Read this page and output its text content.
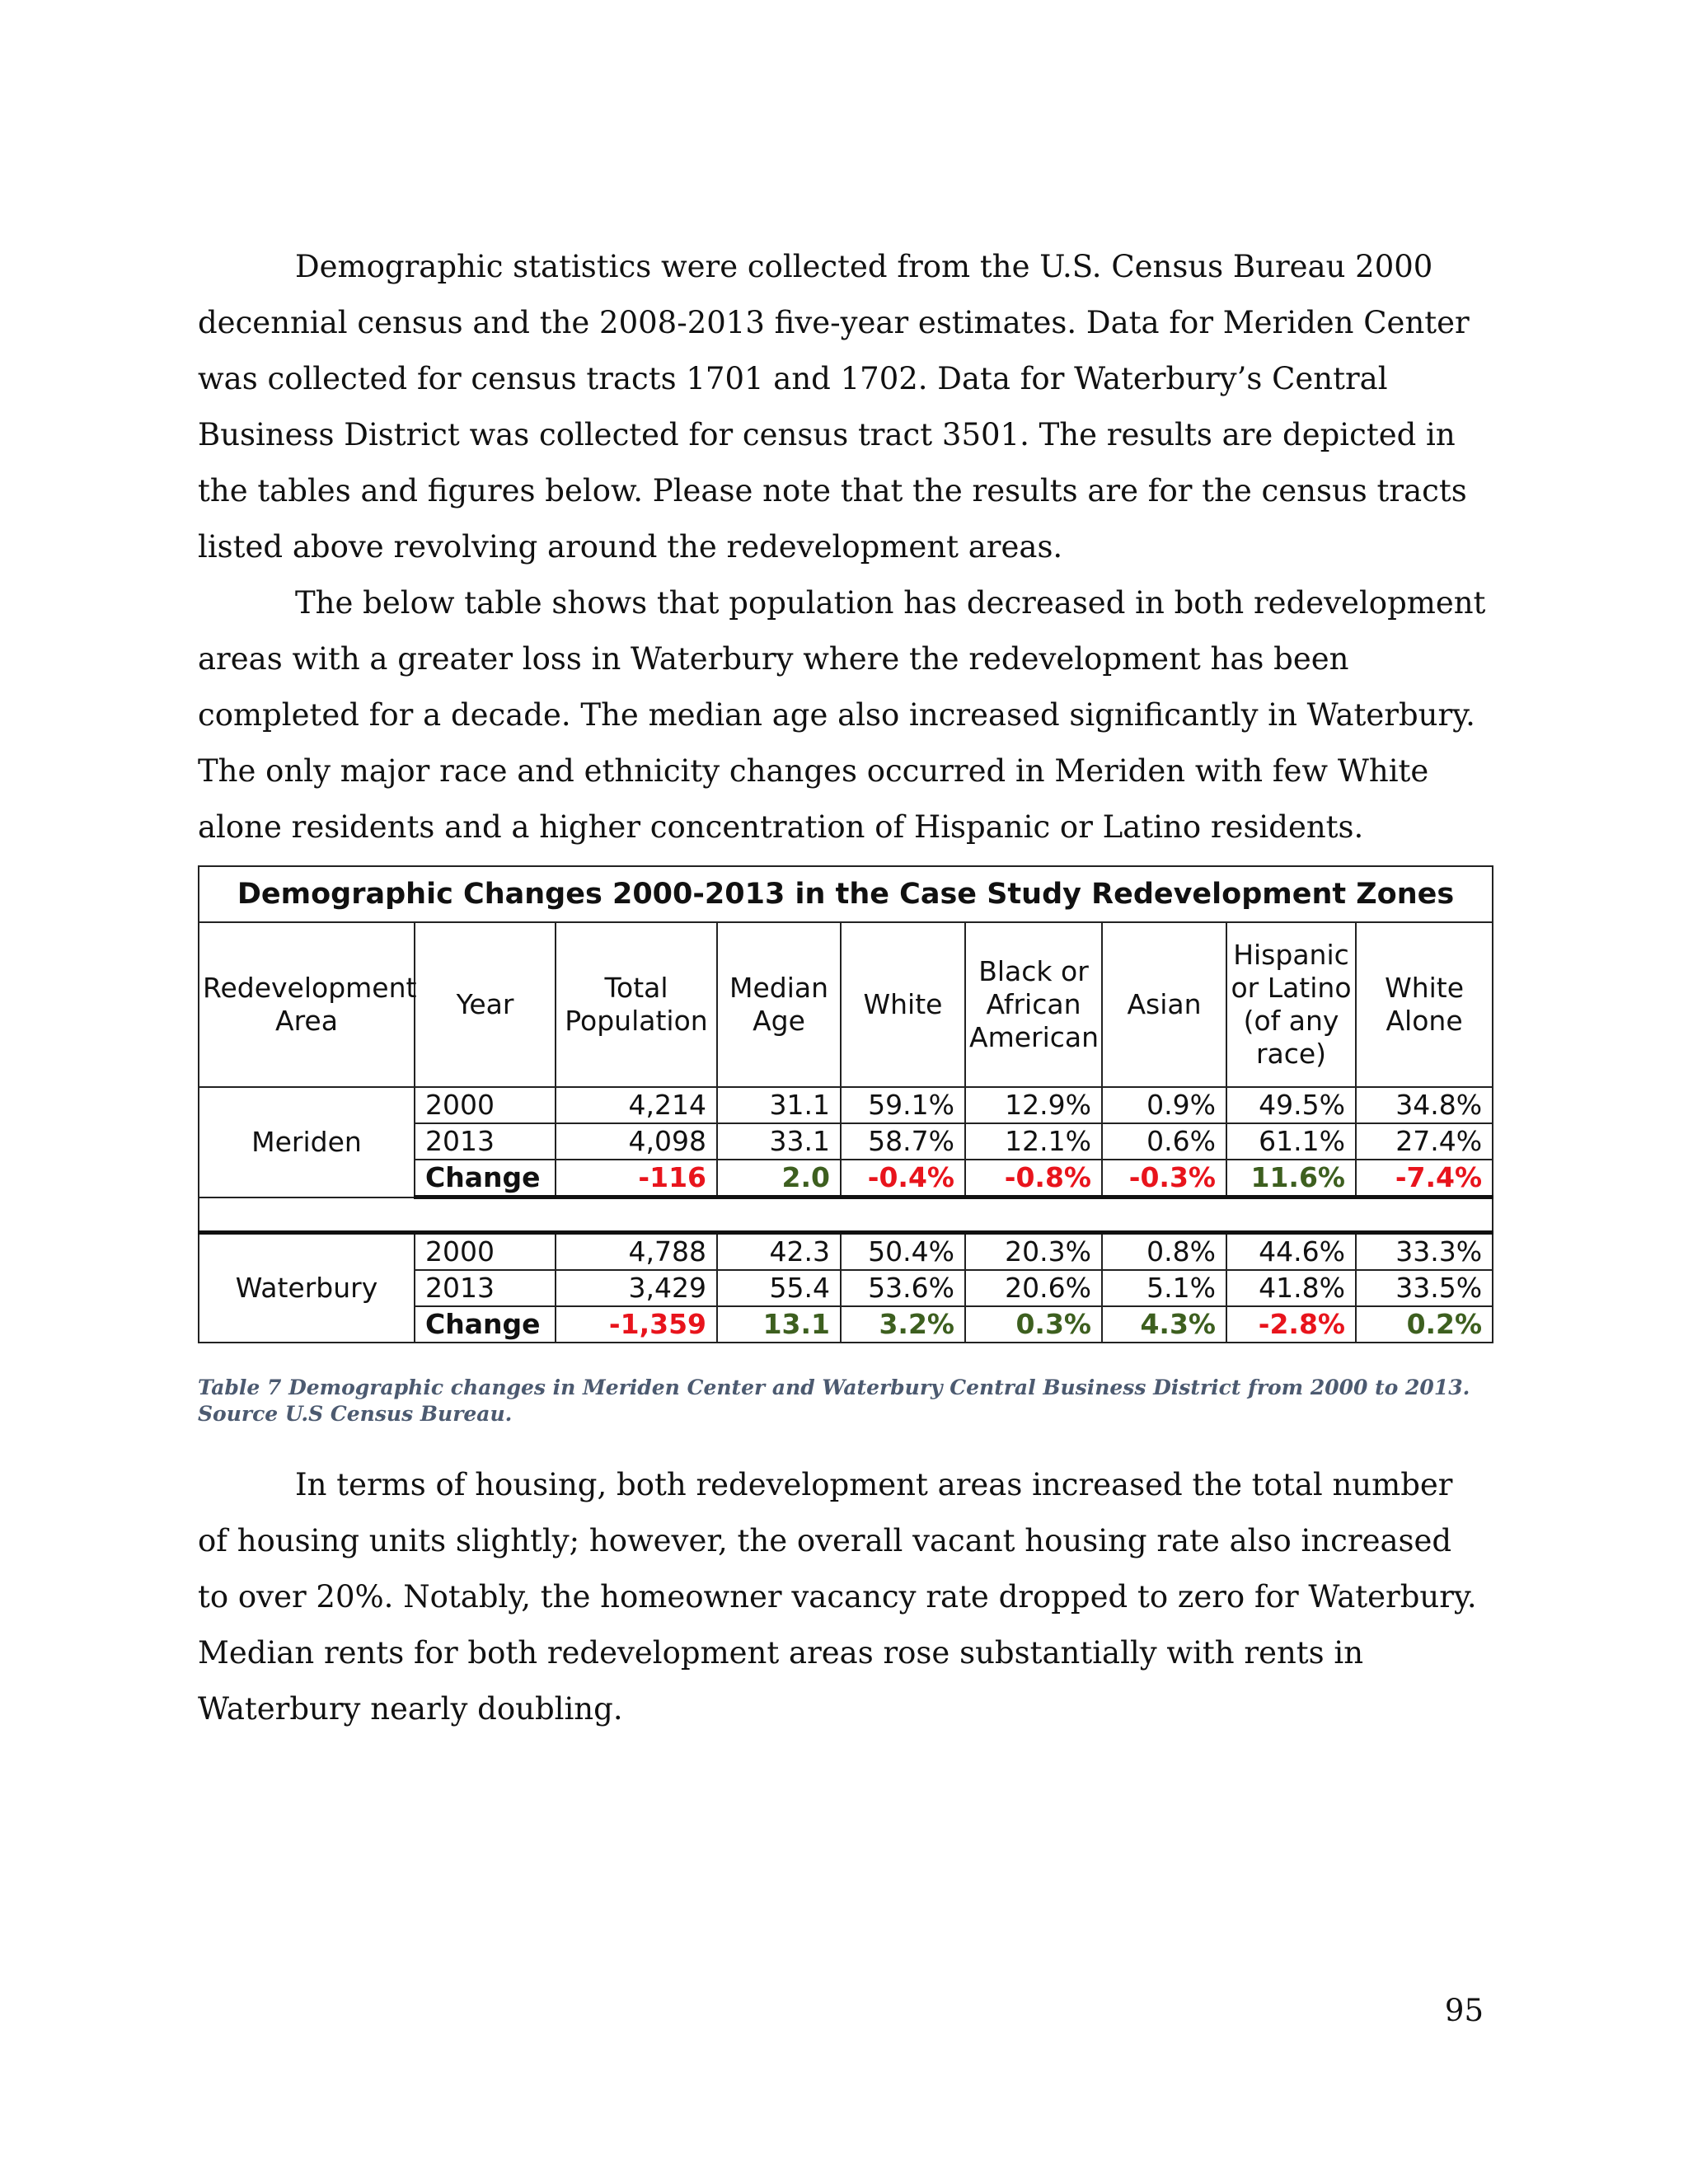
Demographic statistics were collected from the U.S. Census Bureau 2000 decennial census and the 2008-2013 five-year estimates. Data for Meriden Center was collected for census tracts 1701 and 1702. Data for Waterbury’s Central Business District was collected for census tract 3501. The results are depicted in the tables and figures below. Please note that the results are for the census tracts listed above revolving around the redevelopment areas.

The below table shows that population has decreased in both redevelopment areas with a greater loss in Waterbury where the redevelopment has been completed for a decade. The median age also increased significantly in Waterbury. The only major race and ethnicity changes occurred in Meriden with few White alone residents and a higher concentration of Hispanic or Latino residents.

Demographic Changes 2000-2013 in the Case Study Redevelopment Zones								
Redevelopment Area	Year	Total Population	Median Age	White	Black or African American	Asian	Hispanic or Latino (of any race)	White Alone
Meriden	2000	4,214	31.1	59.1%	12.9%	0.9%	49.5%	34.8%
	2013	4,098	33.1	58.7%	12.1%	0.6%	61.1%	27.4%
	Change	-116	2.0	-0.4%	-0.8%	-0.3%	11.6%	-7.4%

Waterbury	2000	4,788	42.3	50.4%	20.3%	0.8%	44.6%	33.3%
	2013	3,429	55.4	53.6%	20.6%	5.1%	41.8%	33.5%
	Change	-1,359	13.1	3.2%	0.3%	4.3%	-2.8%	0.2%

Table 7 Demographic changes in Meriden Center and Waterbury Central Business District from 2000 to 2013.
Source U.S Census Bureau.

In terms of housing, both redevelopment areas increased the total number of housing units slightly; however, the overall vacant housing rate also increased to over 20%. Notably, the homeowner vacancy rate dropped to zero for Waterbury. Median rents for both redevelopment areas rose substantially with rents in Waterbury nearly doubling.

95
